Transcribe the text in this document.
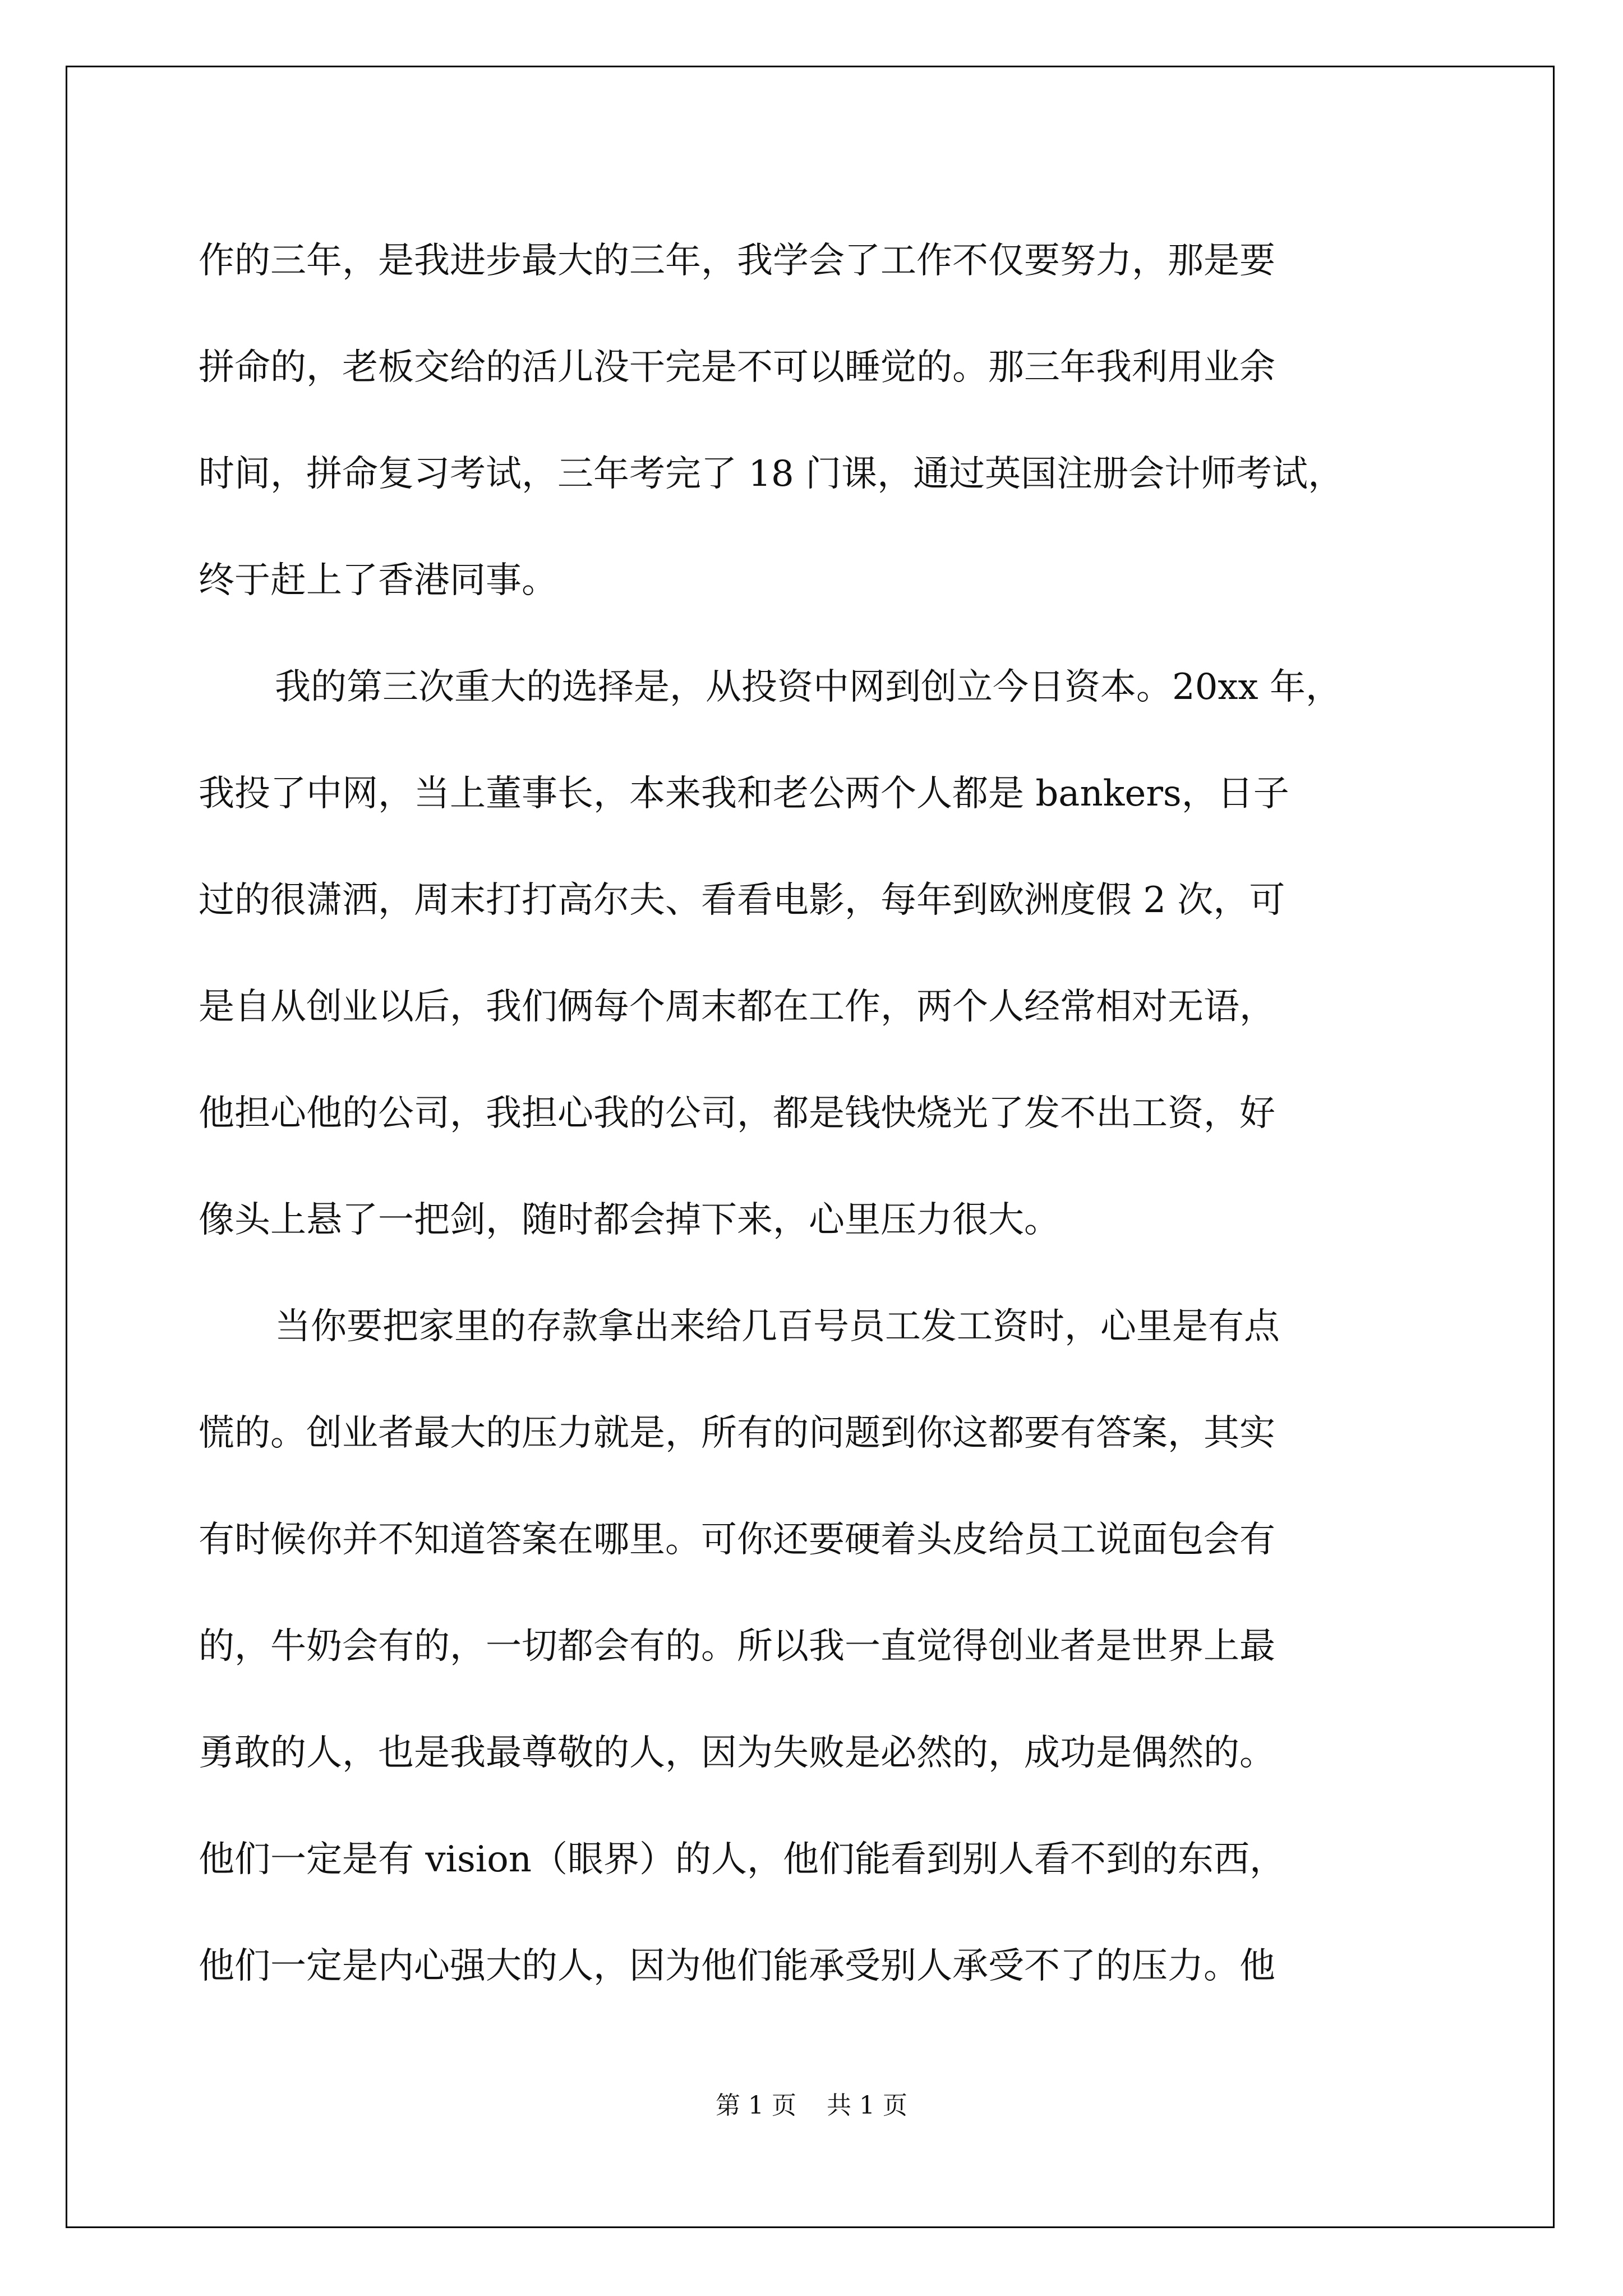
作的三年，是我进步最大的三年，我学会了工作不仅要努力，那是要
拼命的，老板交给的活儿没干完是不可以睡觉的。那三年我利用业余
时间，拼命复习考试，三年考完了 18 门课，通过英国注册会计师考试，
终于赶上了香港同事。
我的第三次重大的选择是，从投资中网到创立今日资本。20xx 年，
我投了中网，当上董事长，本来我和老公两个人都是 bankers，日子
过的很潇洒，周末打打高尔夫、看看电影，每年到欧洲度假 2 次，可
是自从创业以后，我们俩每个周末都在工作，两个人经常相对无语，
他担心他的公司，我担心我的公司，都是钱快烧光了发不出工资，好
像头上悬了一把剑，随时都会掉下来，心里压力很大。
当你要把家里的存款拿出来给几百号员工发工资时，心里是有点
慌的。创业者最大的压力就是，所有的问题到你这都要有答案，其实
有时候你并不知道答案在哪里。可你还要硬着头皮给员工说面包会有
的，牛奶会有的，一切都会有的。所以我一直觉得创业者是世界上最
勇敢的人，也是我最尊敬的人，因为失败是必然的，成功是偶然的。
他们一定是有 vision（眼界）的人，他们能看到别人看不到的东西，
他们一定是内心强大的人，因为他们能承受别人承受不了的压力。他
第 1 页 共 1 页
